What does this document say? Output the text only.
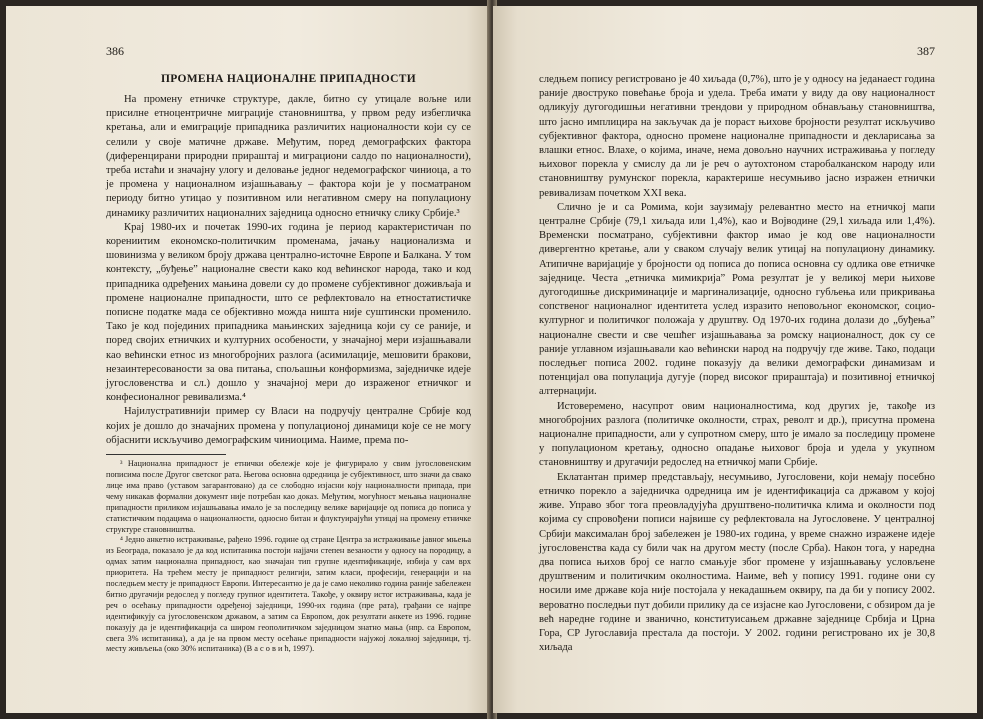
386
ПРОМЕНА НАЦИОНАЛНЕ ПРИПАДНОСТИ

На промену етничке структуре, дакле, битно су утицале вољне или присилне етноцентричне миграције становништва, у првом реду избегличка кретања, али и емиграције припадника различитих националности који су се селили у своје матичне државе. Међутим, поред демографских фактора (диференцирани природни прираштај и миграциони салдо по националности), треба истаћи и значајну улогу и деловање једног недемографског чиниоца, а то је промена у националном изјашњавању – фактора који је у посматраном периоду битно утицао у позитивном или негативном смеру на популациону динамику различитих националних заједница односно етничку слику Србије.³

Крај 1980-их и почетак 1990-их година је период карактеристичан по корениитим економско-политичким променама, јачању национализма и шовинизма у великом броју држава централно-источне Европе и Балкана. У том контексту, „буђење” националне свести како код већинског народа, тако и код припадника одређених мањина довели су до промене субјективног доживљаја и промене националне припадности, што се рефлектовало на етностатистичке пописне податке мада се објективно можда ништа није суштински променило. Тако је код појединих припадника мањинских заједница који су се раније, и поред својих етничких и културних особености, у значајној мери изјашњавали као већински етнос из многобројних разлога (асимилације, мешовити бракови, незаинтересованости за ова питања, спољашњи конформизма, заједничке идеје југословенства и сл.) дошло у значајној мери до израженог етничког и конфесионалног ревивализма.⁴

Најилустративнији пример су Власи на подручју централне Србије код којих је дошло до значајних промена у популационој динамици које се не могу објаснити искључиво демографским чиниоцима. Наиме, према по-

³ Национална припадност је етнички обележје које је фигурирало у свим југословенским пописима после Другог светског рата. Његова основна одредница је субјективност, што значи да свако лице има право (уставом загарантовано) да се слободно изјасни коју националности припада, при чему никакав формални документ није потребан као доказ. Међутим, могућност мењања националне припадности приликом изјашњавања имало је за последицу велике варијације од пописа до пописа у статистичким подацима о националности, односно битан и флуктуирајући утицај на промену етничке структуре становништва.

⁴ Једно анкетно истраживање, рађено 1996. године од стране Центра за истраживање јавног мњења из Београда, показало је да код испитаника постоји најјачи степен везаности у односу на породицу, а одмах затим национална припадност, као значајан тип групне идентификације, избија у сам врх приоритета. На трећем месту је припадност религији, затим класи, професији, генерацији и на последњем месту је припадност Европи. Интересантно је да је само неколико година раније забележен битно другачији редослед у погледу групног идентитета. Такође, у оквиру истог истраживања, када је реч о осећању припадности одређеној заједници, 1990-их година (пре рата), грађани се најпре идентификују са југословенском државом, а затим са Европом, док резултати анкете из 1996. године показују да је идентификација са широм геополитичком заједницом знатно мања (нпр. са Европом, свега 3% испитаника), а да је на првом месту осећање припадности најужој локалној заједници, тј. месту живљења (око 30% испитаника) (В а с о в и ћ, 1997).

387

следњем попису регистровано је 40 хиљада (0,7%), што је у односу на једанаест година раније двоструко повећање броја и удела. Треба имати у виду да ову националност одликују дугогодишњи негативни трендови у природном обнављању становништва, што јасно имплицира на закључак да је пораст њихове бројности резултат искључиво субјективног фактора, односно промене националне припадности и декларисања за влашки етнос. Влахе, о којима, иначе, нема довољно научних истраживања у погледу њиховог порекла у смислу да ли је реч о аутохтоном старобалканском народу или становништву румунског порекла, карактерише несумњиво јасно изражен етнички ревивализам почетком XXI века.

Слично је и са Ромима, који заузимају релевантно место на етничкој мапи централне Србије (79,1 хиљада или 1,4%), као и Војводине (29,1 хиљада или 1,4%). Временски посматрано, субјективни фактор имао је код ове националности дивергентно кретање, али у сваком случају велик утицај на популациону динамику. Атипичне варијације у бројности од пописа до пописа основна су одлика ове етничке заједнице. Честа „етничка мимикрија” Рома резултат је у великој мери њихове дугогодишње дискриминације и маргинализације, односно губљења или прикривања сопственог националног идентитета услед изразито неповољног економског, социо-културног и политичког положаја у друштву. Од 1970-их година долази до „буђења” националне свести и све чешћег изјашњавања за ромску националност, док су се раније углавном изјашњавали као већински народ на подручју где живе. Тако, подаци последњег пописа 2002. године показују да велики демографски динамизам и потенцијал ова популација дугује (поред високог прираштаја) и позитивној етничкој алтернацији.

Истоверемено, насупрот овим националностима, код других је, такође из многобројних разлога (политичке околности, страх, револт и др.), присутна промена националне припадности, али у супротном смеру, што је имало за последицу промене у популационом кретању, односно опадање њиховог броја и удела у укупном становништву и другачији редослед на етничкој мапи Србије.

Еклатантан пример представљају, несумњиво, Југословени, који немају посебно етничко порекло а заједничка одредница им је идентификација са државом у којој живе. Управо због тога преовладујућа друштвено-политичка клима и околности под којима су спровођени пописи највише су рефлектовала на Југословене. У централној Србији максималан број забележен је 1980-их година, у време снажно изражене идеје југословенства када су били чак на другом месту (после Срба). Након тога, у наредна два пописа њихов број се нагло смањује због промене у изјашњавању условљене друштвеним и политичким околностима. Наиме, већ у попису 1991. године они су носили име државе која није постојала у некадашњем оквиру, па да би у попису 2002. вероватно последњи пут добили прилику да се изјасне као Југословени, с обзиром да је већ наредне године и званично, конституисањем државне заједнице Србија и Црна Гора, СР Југославија престала да постоји. У 2002. години регистровано их је 30,8 хиљада
